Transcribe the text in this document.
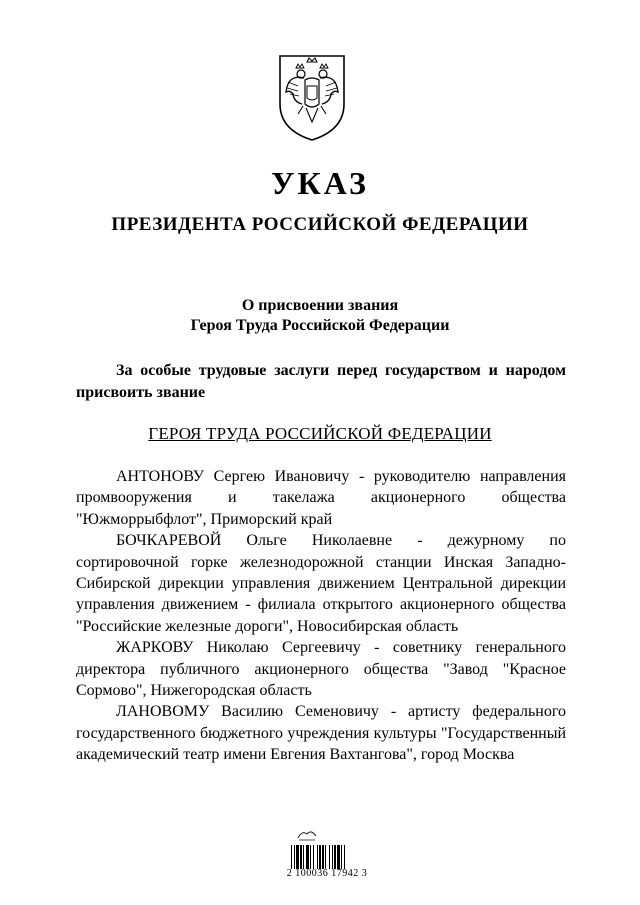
УКАЗ
ПРЕЗИДЕНТА РОССИЙСКОЙ ФЕДЕРАЦИИ
О присвоении звания
Героя Труда Российской Федерации
За особые трудовые заслуги перед государством и народом
присвоить звание
ГЕРОЯ ТРУДА РОССИЙСКОЙ ФЕДЕРАЦИИ

АНТОНОВУ Сергею Ивановичу - руководителю направления промвооружения и такелажа акционерного общества "Южморрыбфлот", Приморский край

БОЧКАРЕВОЙ Ольге Николаевне - дежурному по сортировочной горке железнодорожной станции Инская Западно-Сибирской дирекции управления движением Центральной дирекции управления движением - филиала открытого акционерного общества "Российские железные дороги", Новосибирская область

ЖАРКОВУ Николаю Сергеевичу - советнику генерального директора публичного акционерного общества "Завод "Красное Сормово", Нижегородская область

ЛАНОВОМУ Василию Семеновичу - артисту федерального государственного бюджетного учреждения культуры "Государственный академический театр имени Евгения Вахтангова", город Москва

2 100036 17942 3
